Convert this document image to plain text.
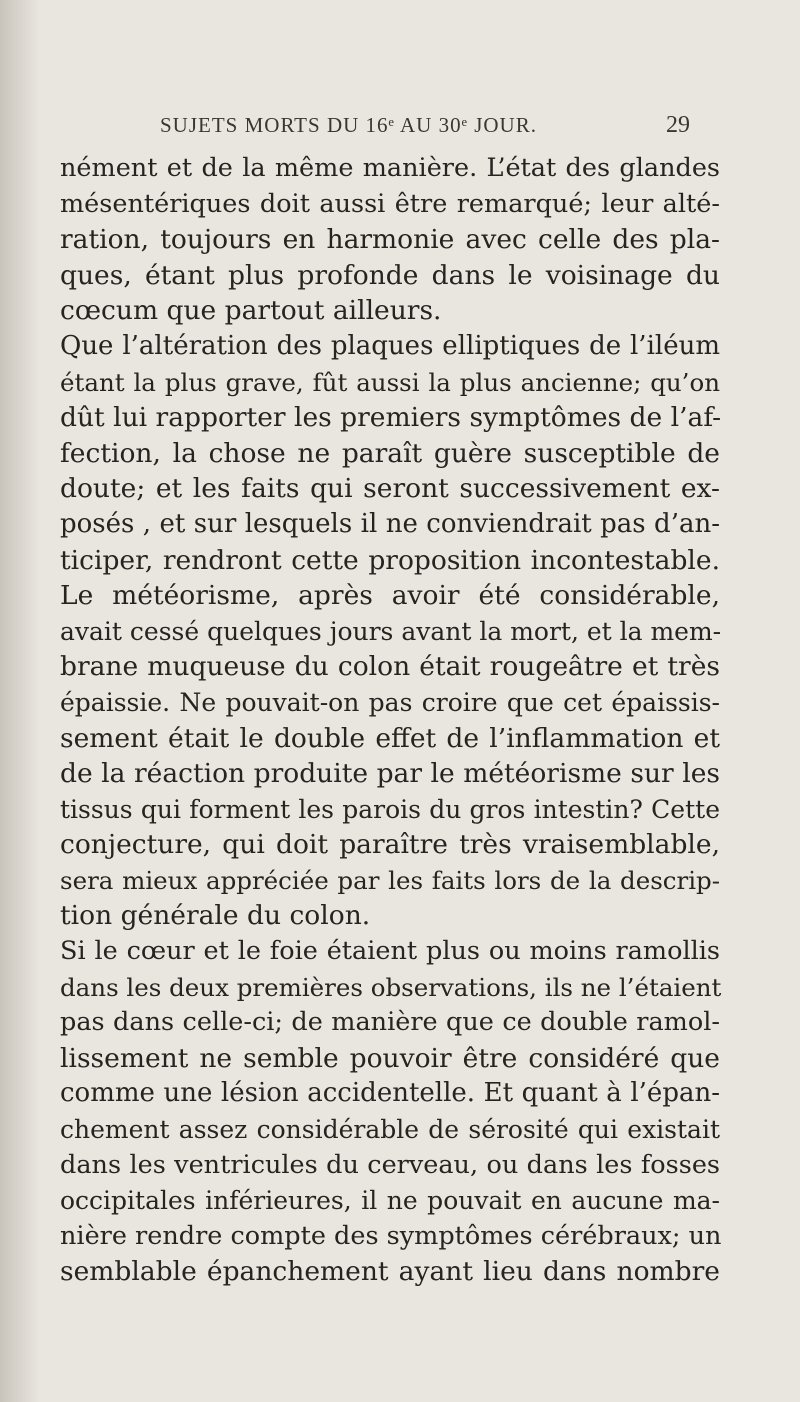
SUJETS MORTS DU 16ᵉ AU 30ᵉ JOUR.	29
nément et de la même manière. L’état des glandes
mésentériques doit aussi être remarqué; leur alté-
ration, toujours en harmonie avec celle des pla-
ques, étant plus profonde dans le voisinage du
cœcum que partout ailleurs.
Que l’altération des plaques elliptiques de l’iléum
étant la plus grave, fût aussi la plus ancienne; qu’on
dût lui rapporter les premiers symptômes de l’af-
fection, la chose ne paraît guère susceptible de
doute; et les faits qui seront successivement ex-
posés , et sur lesquels il ne conviendrait pas d’an-
ticiper, rendront cette proposition incontestable.
Le météorisme, après avoir été considérable,
avait cessé quelques jours avant la mort, et la mem-
brane muqueuse du colon était rougeâtre et très
épaissie. Ne pouvait-on pas croire que cet épaissis-
sement était le double effet de l’inflammation et
de la réaction produite par le météorisme sur les
tissus qui forment les parois du gros intestin? Cette
conjecture, qui doit paraître très vraisemblable,
sera mieux appréciée par les faits lors de la descrip-
tion générale du colon.
Si le cœur et le foie étaient plus ou moins ramollis
dans les deux premières observations, ils ne l’étaient
pas dans celle-ci; de manière que ce double ramol-
lissement ne semble pouvoir être considéré que
comme une lésion accidentelle. Et quant à l’épan-
chement assez considérable de sérosité qui existait
dans les ventricules du cerveau, ou dans les fosses
occipitales inférieures, il ne pouvait en aucune ma-
nière rendre compte des symptômes cérébraux; un
semblable épanchement ayant lieu dans nombre
